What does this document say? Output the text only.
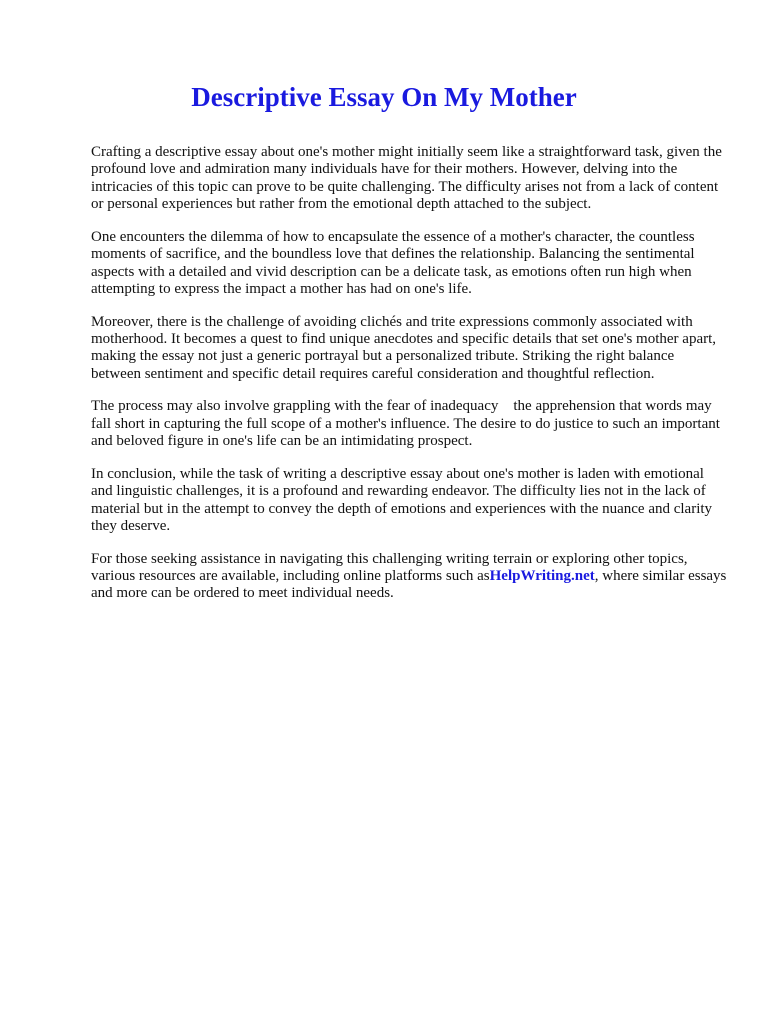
Descriptive Essay On My Mother

Crafting a descriptive essay about one's mother might initially seem like a straightforward task, given the profound love and admiration many individuals have for their mothers. However, delving into the intricacies of this topic can prove to be quite challenging. The difficulty arises not from a lack of content or personal experiences but rather from the emotional depth attached to the subject.

One encounters the dilemma of how to encapsulate the essence of a mother's character, the countless moments of sacrifice, and the boundless love that defines the relationship. Balancing the sentimental aspects with a detailed and vivid description can be a delicate task, as emotions often run high when attempting to express the impact a mother has had on one's life.

Moreover, there is the challenge of avoiding clichés and trite expressions commonly associated with motherhood. It becomes a quest to find unique anecdotes and specific details that set one's mother apart, making the essay not just a generic portrayal but a personalized tribute. Striking the right balance between sentiment and specific detail requires careful consideration and thoughtful reflection.

The process may also involve grappling with the fear of inadequacy    the apprehension that words may fall short in capturing the full scope of a mother's influence. The desire to do justice to such an important and beloved figure in one's life can be an intimidating prospect.

In conclusion, while the task of writing a descriptive essay about one's mother is laden with emotional and linguistic challenges, it is a profound and rewarding endeavor. The difficulty lies not in the lack of material but in the attempt to convey the depth of emotions and experiences with the nuance and clarity they deserve.

For those seeking assistance in navigating this challenging writing terrain or exploring other topics, various resources are available, including online platforms such asHelpWriting.net, where similar essays and more can be ordered to meet individual needs.
